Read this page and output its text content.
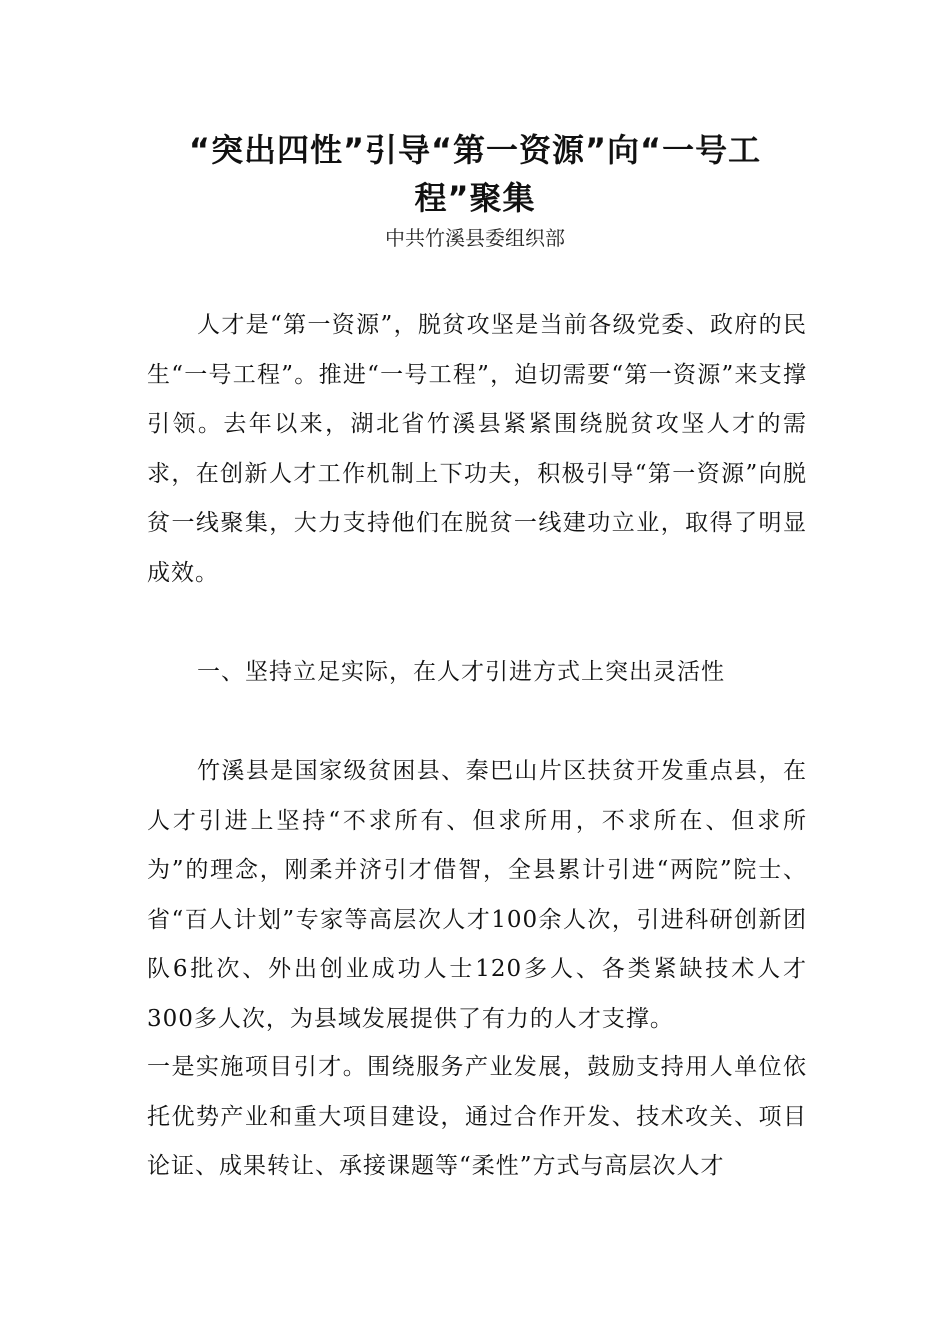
“突出四性”引导“第一资源”向“一号工程”聚集
中共竹溪县委组织部

人才是“第一资源”，脱贫攻坚是当前各级党委、政府的民生“一号工程”。推进“一号工程”，迫切需要“第一资源”来支撑引领。去年以来，湖北省竹溪县紧紧围绕脱贫攻坚人才的需求，在创新人才工作机制上下功夫，积极引导“第一资源”向脱贫一线聚集，大力支持他们在脱贫一线建功立业，取得了明显成效。

一、坚持立足实际，在人才引进方式上突出灵活性

竹溪县是国家级贫困县、秦巴山片区扶贫开发重点县，在人才引进上坚持“不求所有、但求所用，不求所在、但求所为”的理念，刚柔并济引才借智，全县累计引进“两院”院士、省“百人计划”专家等高层次人才100余人次，引进科研创新团队6批次、外出创业成功人士120多人、各类紧缺技术人才300多人次，为县域发展提供了有力的人才支撑。

一是实施项目引才。围绕服务产业发展，鼓励支持用人单位依托优势产业和重大项目建设，通过合作开发、技术攻关、项目论证、成果转让、承接课题等“柔性”方式与高层次人才
